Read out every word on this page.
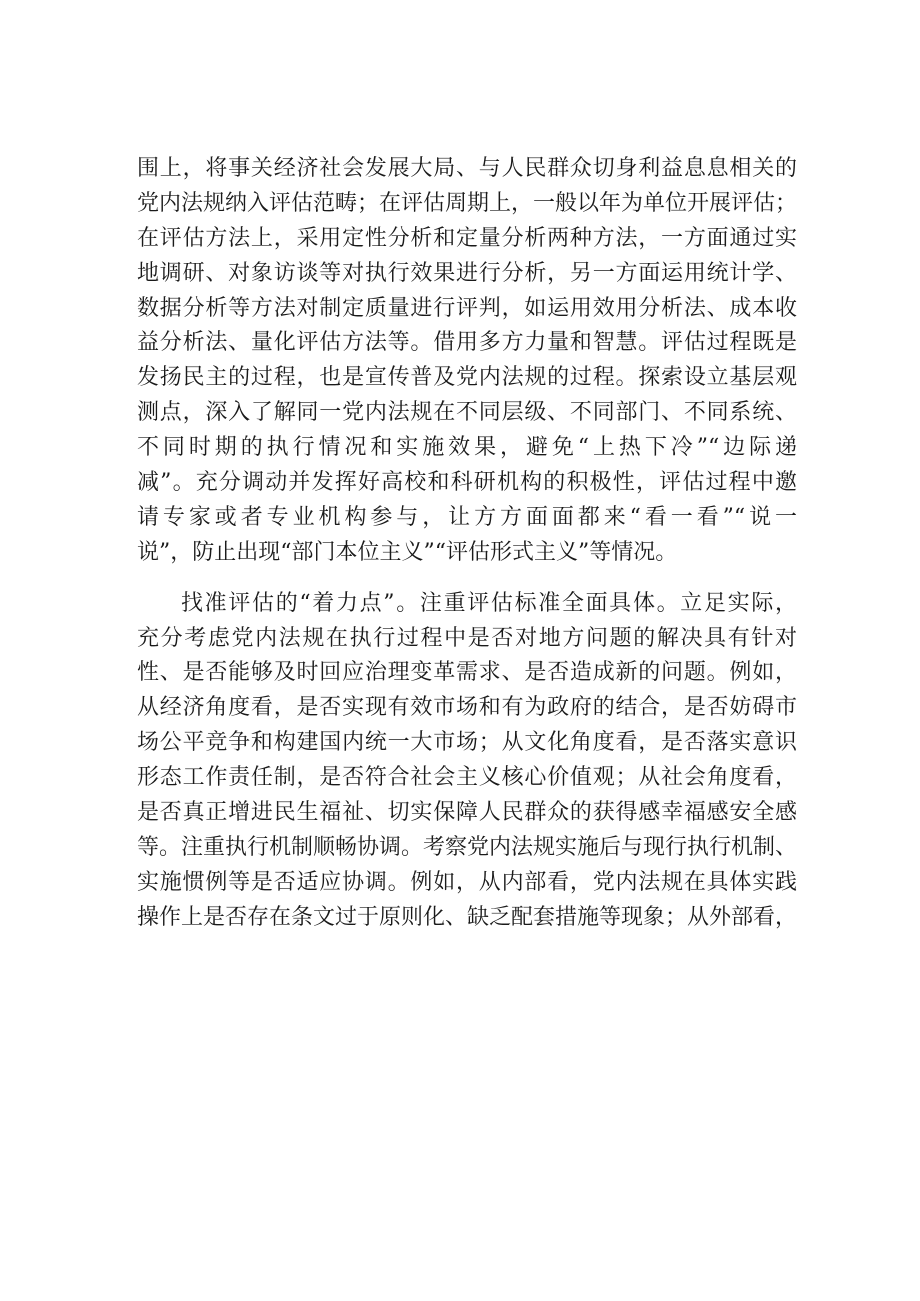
围上，将事关经济社会发展大局、与人民群众切身利益息息相关的
党内法规纳入评估范畴；在评估周期上，一般以年为单位开展评估；
在评估方法上，采用定性分析和定量分析两种方法，一方面通过实
地调研、对象访谈等对执行效果进行分析，另一方面运用统计学、
数据分析等方法对制定质量进行评判，如运用效用分析法、成本收
益分析法、量化评估方法等。借用多方力量和智慧。评估过程既是
发扬民主的过程，也是宣传普及党内法规的过程。探索设立基层观
测点，深入了解同一党内法规在不同层级、不同部门、不同系统、
不同时期的执行情况和实施效果，避免“上热下冷”“边际递
减”。充分调动并发挥好高校和科研机构的积极性，评估过程中邀
请专家或者专业机构参与，让方方面面都来“看一看”“说一
说”，防止出现“部门本位主义”“评估形式主义”等情况。
找准评估的“着力点”。注重评估标准全面具体。立足实际，
充分考虑党内法规在执行过程中是否对地方问题的解决具有针对
性、是否能够及时回应治理变革需求、是否造成新的问题。例如，
从经济角度看，是否实现有效市场和有为政府的结合，是否妨碍市
场公平竞争和构建国内统一大市场；从文化角度看，是否落实意识
形态工作责任制，是否符合社会主义核心价值观；从社会角度看，
是否真正增进民生福祉、切实保障人民群众的获得感幸福感安全感
等。注重执行机制顺畅协调。考察党内法规实施后与现行执行机制、
实施惯例等是否适应协调。例如，从内部看，党内法规在具体实践
操作上是否存在条文过于原则化、缺乏配套措施等现象；从外部看，
